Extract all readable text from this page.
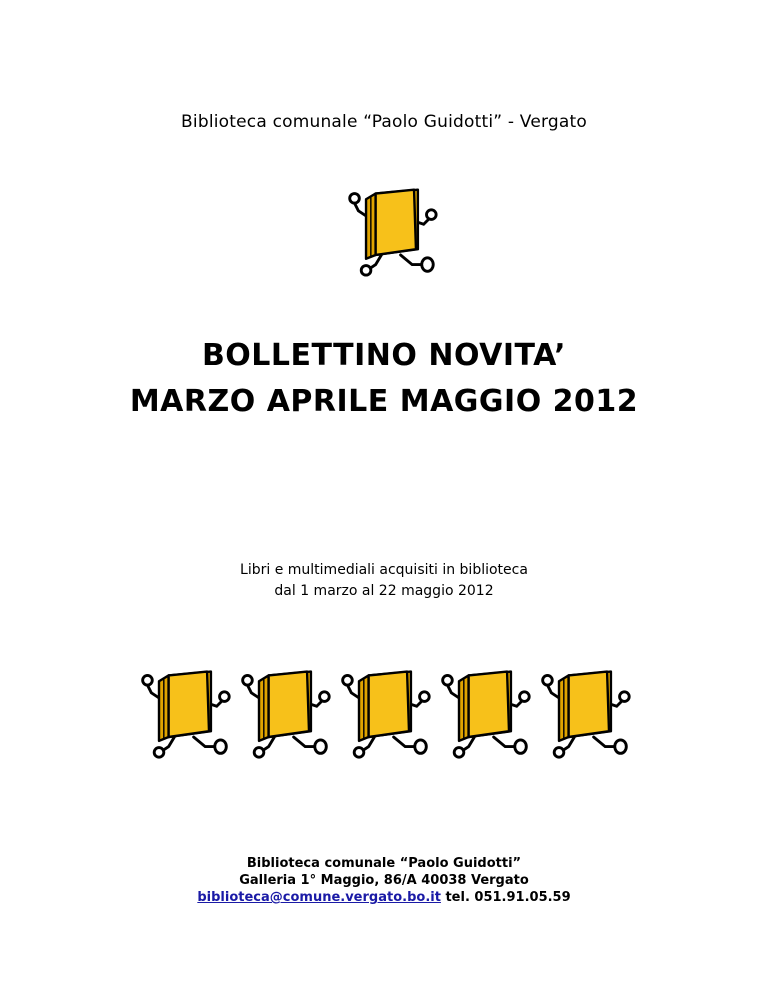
Biblioteca comunale “Paolo Guidotti” - Vergato
BOLLETTINO NOVITA’
MARZO APRILE MAGGIO 2012
Libri e multimediali acquisiti in biblioteca
dal 1 marzo al 22 maggio 2012
Biblioteca comunale “Paolo Guidotti”
Galleria 1° Maggio, 86/A 40038 Vergato
biblioteca@comune.vergato.bo.it tel. 051.91.05.59
